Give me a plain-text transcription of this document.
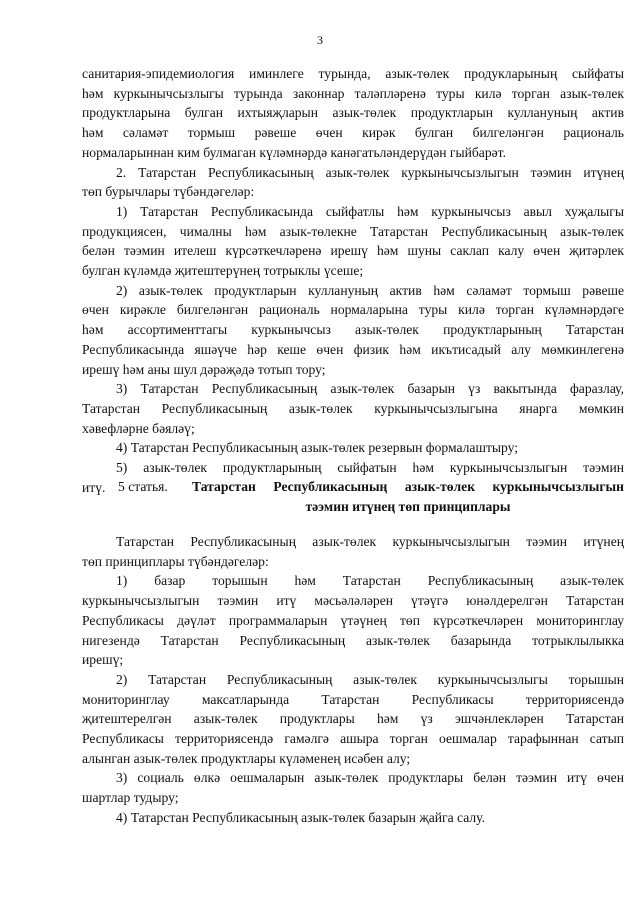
3
санитария-эпидемиология иминлеге турында, азык-төлек продукларының сыйфаты
һәм куркынычсызлыгы турында законнар таләпләренә туры килә торган азык-төлек
продуктларына булган ихтыяҗларын азык-төлек продуктларын куллануның актив
һәм сәламәт тормыш рәвеше өчен кирәк булган билгеләнгән рациональ
нормаларыннан ким булмаган күләмнәрдә канәгатьләндерүдән гыйбарәт.
2. Татарстан Республикасының азык-төлек куркынычсызлыгын тәэмин итүнең
төп бурычлары түбәндәгеләр:
1) Татарстан Республикасында сыйфатлы һәм куркынычсыз авыл хуҗалыгы
продукциясен, чималны һәм азык-төлекне Татарстан Республикасының азык-төлек
белән тәэмин ителеш күрсәткечләренә ирешү һәм шуны саклап калу өчен җитәрлек
булган күләмдә җитештерүнең тотрыклы үсеше;
2) азык-төлек продуктларын куллануның актив һәм сәламәт тормыш рәвеше
өчен кирәкле билгеләнгән рациональ нормаларына туры килә торган күләмнәрдәге
һәм ассортименттагы куркынычсыз азык-төлек продуктларының Татарстан
Республикасында яшәүче һәр кеше өчен физик һәм икътисадый алу мөмкинлегенә
ирешү һәм аны шул дәрәҗәдә тотып тору;
3) Татарстан Республикасының азык-төлек базарын үз вакытында фаразлау,
Татарстан Республикасының азык-төлек куркынычсызлыгына янарга мөмкин
хәвефләрне бәяләү;
4) Татарстан Республикасының азык-төлек резервын формалаштыру;
5) азык-төлек продуктларының сыйфатын һәм куркынычсызлыгын тәэмин
итү. 5 статья. Татарстан Республикасының азык-төлек куркынычсызлыгын
тәэмин итүнең төп принциплары
Татарстан Республикасының азык-төлек куркынычсызлыгын тәэмин итүнең
төп принциплары түбәндәгеләр:
1) базар торышын һәм Татарстан Республикасының азык-төлек
куркынычсызлыгын тәэмин итү мәсьәләләрен үтәүгә юнәлдерелгән Татарстан
Республикасы дәүләт программаларын үтәүнең төп күрсәткечләрен мониторинглау
нигезендә Татарстан Республикасының азык-төлек базарында тотрыклылыкка
ирешү;
2) Татарстан Республикасының азык-төлек куркынычсызлыгы торышын
мониторинглау максатларында Татарстан Республикасы территориясендә
җитештерелгән азык-төлек продуктлары һәм үз эшчәнлекләрен Татарстан
Республикасы территориясендә гамәлгә ашыра торган оешмалар тарафыннан сатып
алынган азык-төлек продуктлары күләменең исәбен алу;
3) социаль өлкә оешмаларын азык-төлек продуктлары белән тәэмин итү өчен
шартлар тудыру;
4) Татарстан Республикасының азык-төлек базарын җайга салу.
